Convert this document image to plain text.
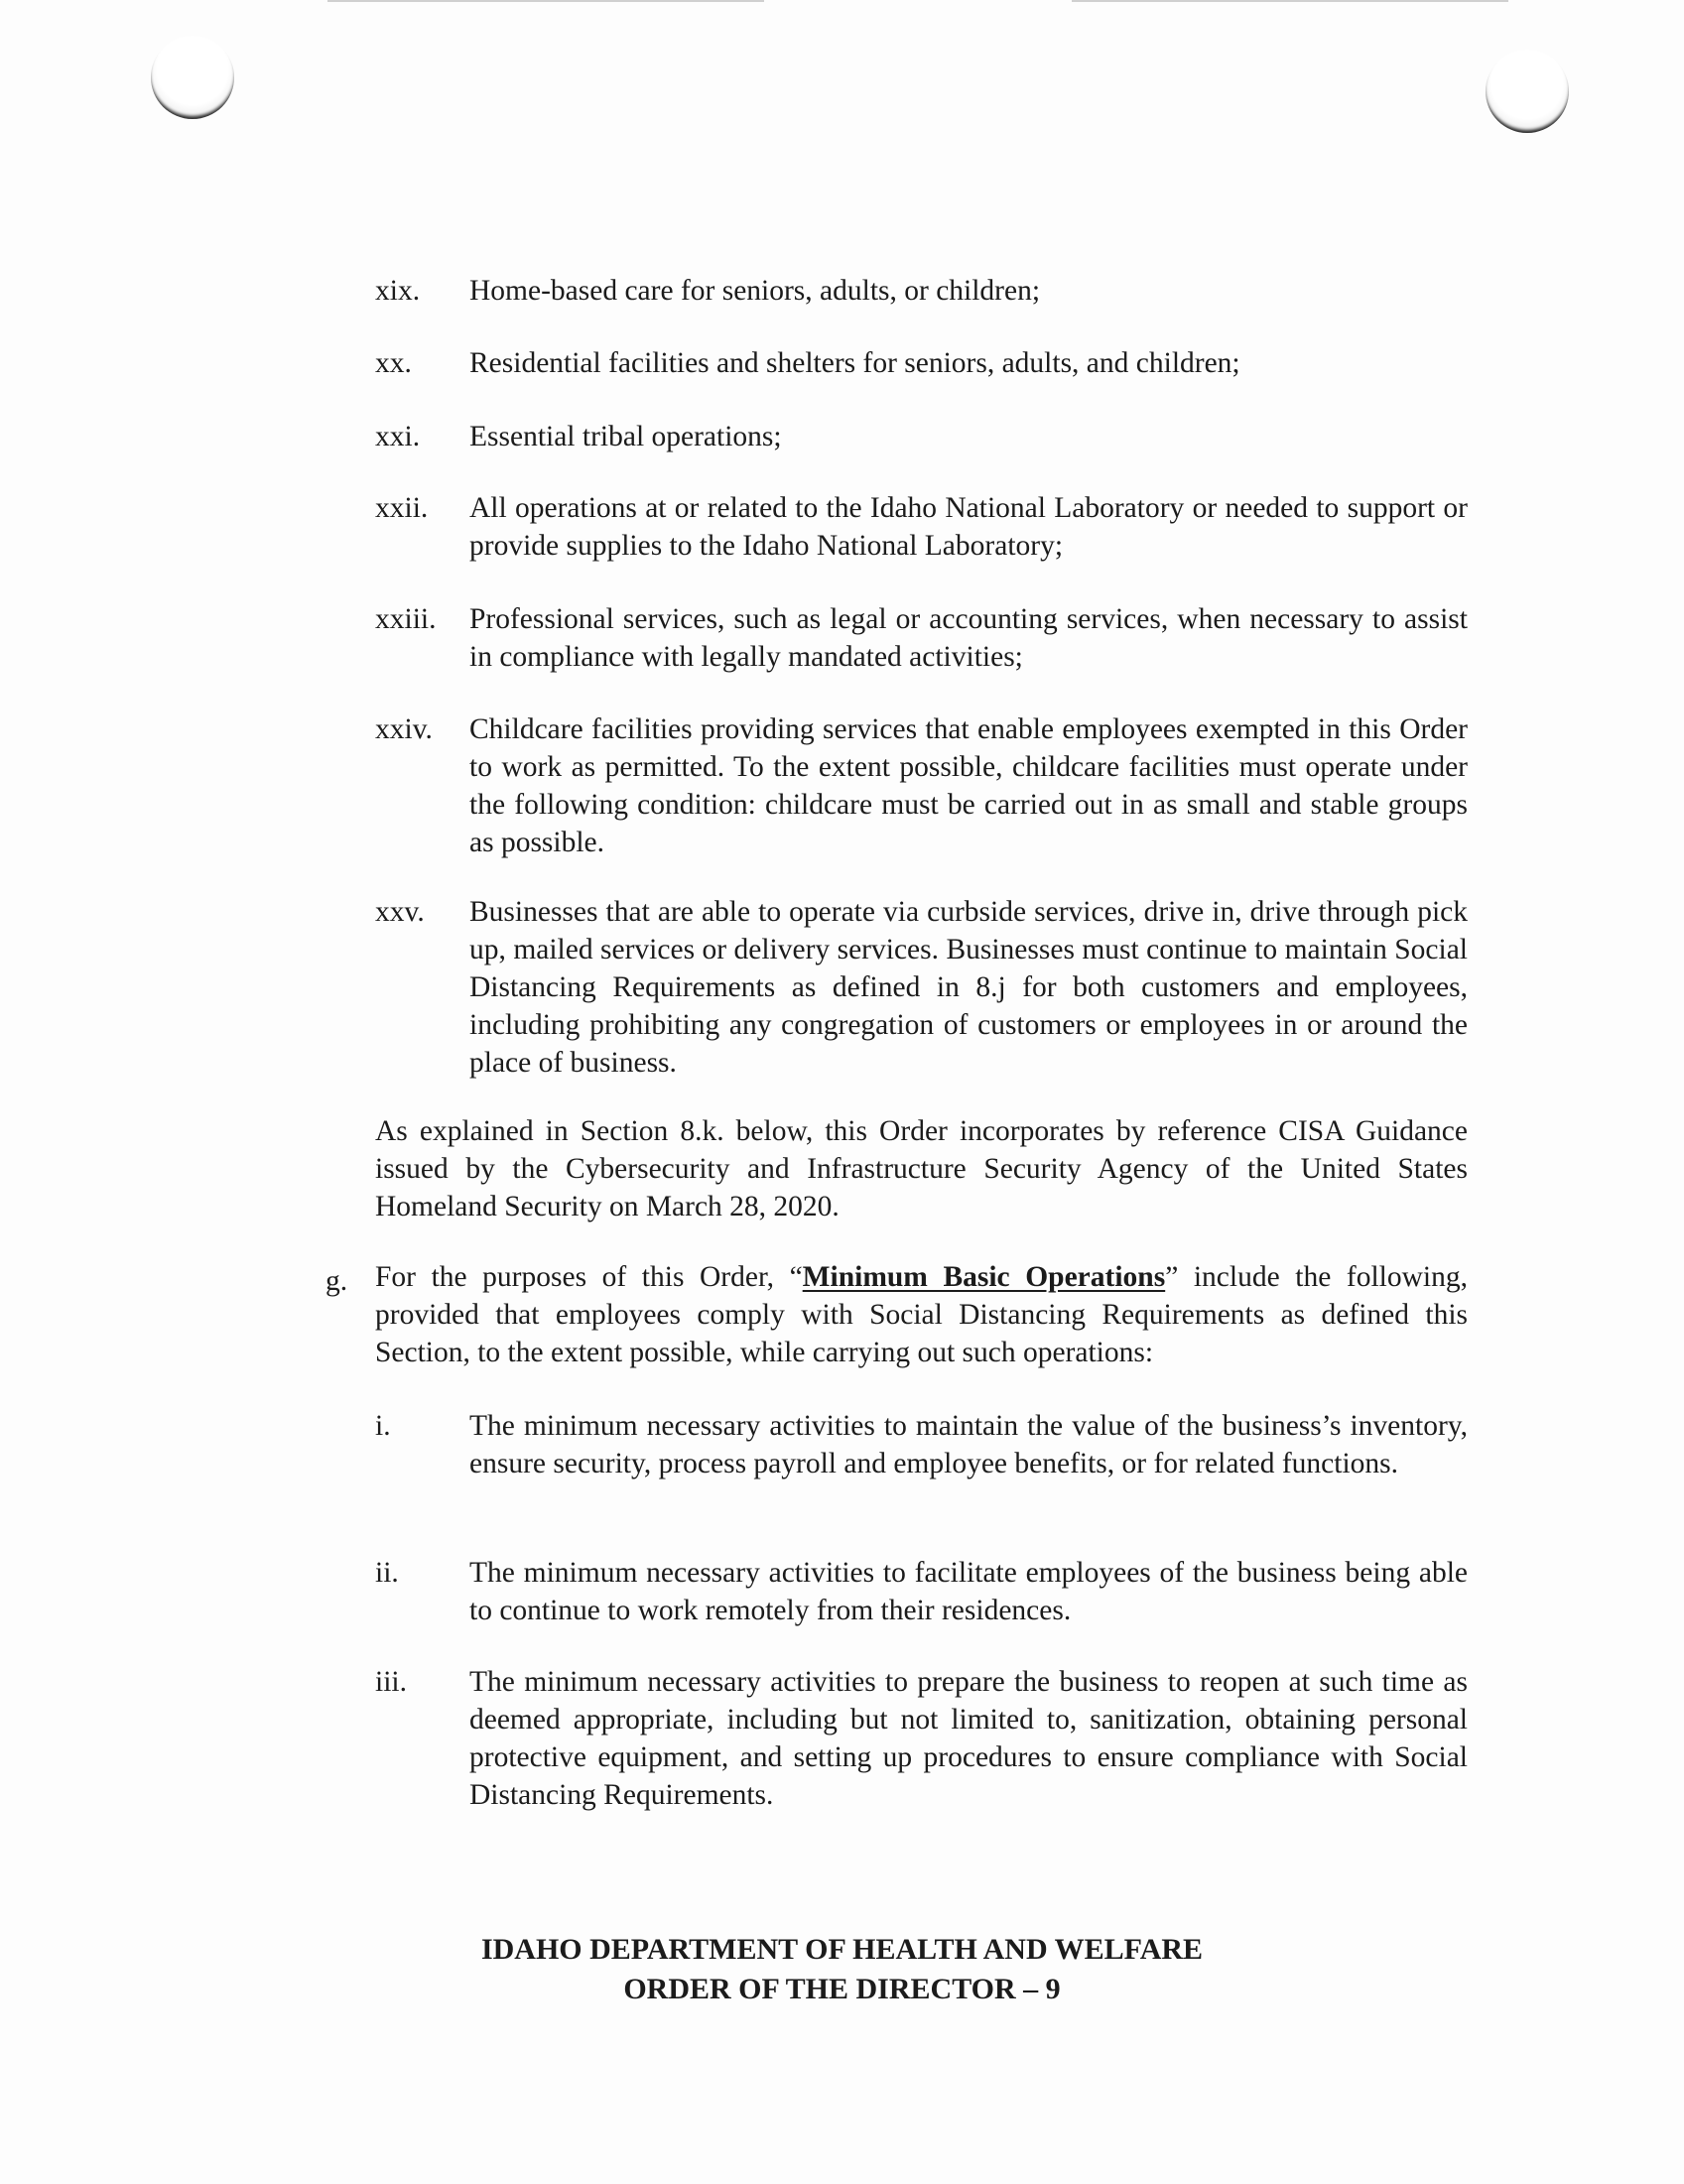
xix. Home-based care for seniors, adults, or children;
xx. Residential facilities and shelters for seniors, adults, and children;
xxi. Essential tribal operations;
xxii. All operations at or related to the Idaho National Laboratory or needed to support or provide supplies to the Idaho National Laboratory;
xxiii. Professional services, such as legal or accounting services, when necessary to assist in compliance with legally mandated activities;
xxiv. Childcare facilities providing services that enable employees exempted in this Order to work as permitted. To the extent possible, childcare facilities must operate under the following condition: childcare must be carried out in as small and stable groups as possible.
xxv. Businesses that are able to operate via curbside services, drive in, drive through pick up, mailed services or delivery services. Businesses must continue to maintain Social Distancing Requirements as defined in 8.j for both customers and employees, including prohibiting any congregation of customers or employees in or around the place of business.
As explained in Section 8.k. below, this Order incorporates by reference CISA Guidance issued by the Cybersecurity and Infrastructure Security Agency of the United States Homeland Security on March 28, 2020.
g. For the purposes of this Order, “Minimum Basic Operations” include the following, provided that employees comply with Social Distancing Requirements as defined this Section, to the extent possible, while carrying out such operations:
i.	The minimum necessary activities to maintain the value of the business’s inventory, ensure security, process payroll and employee benefits, or for related functions.
ii. The minimum necessary activities to facilitate employees of the business being able to continue to work remotely from their residences.
iii. The minimum necessary activities to prepare the business to reopen at such time as deemed appropriate, including but not limited to, sanitization, obtaining personal protective equipment, and setting up procedures to ensure compliance with Social Distancing Requirements.
IDAHO DEPARTMENT OF HEALTH AND WELFARE
ORDER OF THE DIRECTOR – 9
